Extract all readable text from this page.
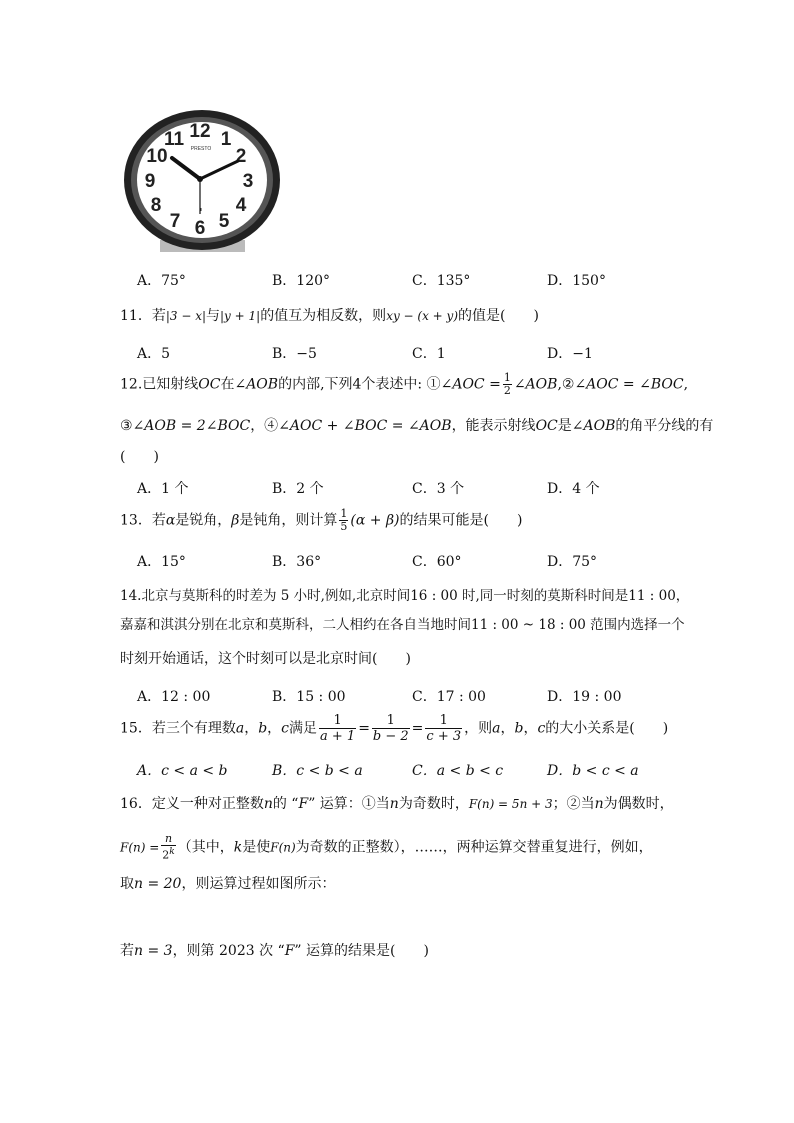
12 1
2
3
4
5
6
7
8
9
10
11 PRESTO
A．75°	B．120°	C．135°	D．150°
11．若|3 − x|与|y + 1|的值互为相反数，则xy − (x + y)的值是(　　)
A．5	B．−5	C．1	D．−1
12.已知射线OC在∠AOB的内部,下列4个表述中: ①∠AOC = $\frac{1}{2}$ ∠AOB,②∠AOC = ∠BOC,
③∠AOB = 2∠BOC，④∠AOC + ∠BOC = ∠AOB，能表示射线OC是∠AOB的角平分线的有
(　　)
A．1 个	B．2 个	C．3 个	D．4 个
13．若α是锐角，β是钝角，则计算 $\frac{1}{5} (\alpha + \beta)$的结果可能是(　　)
A．15°	B．36°	C．60°	D．75°
14.北京与莫斯科的时差为 5 小时,例如,北京时间16 : 00 时,同一时刻的莫斯科时间是11 : 00，
嘉嘉和淇淇分别在北京和莫斯科，二人相约在各自当地时间11 : 00 ~ 18 : 00 范围内选择一个
时刻开始通话，这个时刻可以是北京时间(　　)
A．12 : 00	B．15 : 00	C．17 : 00	D．19 : 00
15．若三个有理数a，b，c满足 $\frac{1}{a + 1} = \frac{1}{b - 2} = \frac{1}{c + 3}$ ，则a，b，c的大小关系是(　　)
A．c < a < b	B．c < b < a	C．a < b < c	D．b < c < a
16．定义一种对正整数n的 “F” 运算：①当n为奇数时，F(n) = 5n + 3；②当n为偶数时，
$F(n) = \frac{n}{2^k}$ （其中，k是使F(n)为奇数的正整数），……，两种运算交替重复进行，例如，
取n = 20，则运算过程如图所示：
若n = 3，则第 2023 次 “F” 运算的结果是(　　)
